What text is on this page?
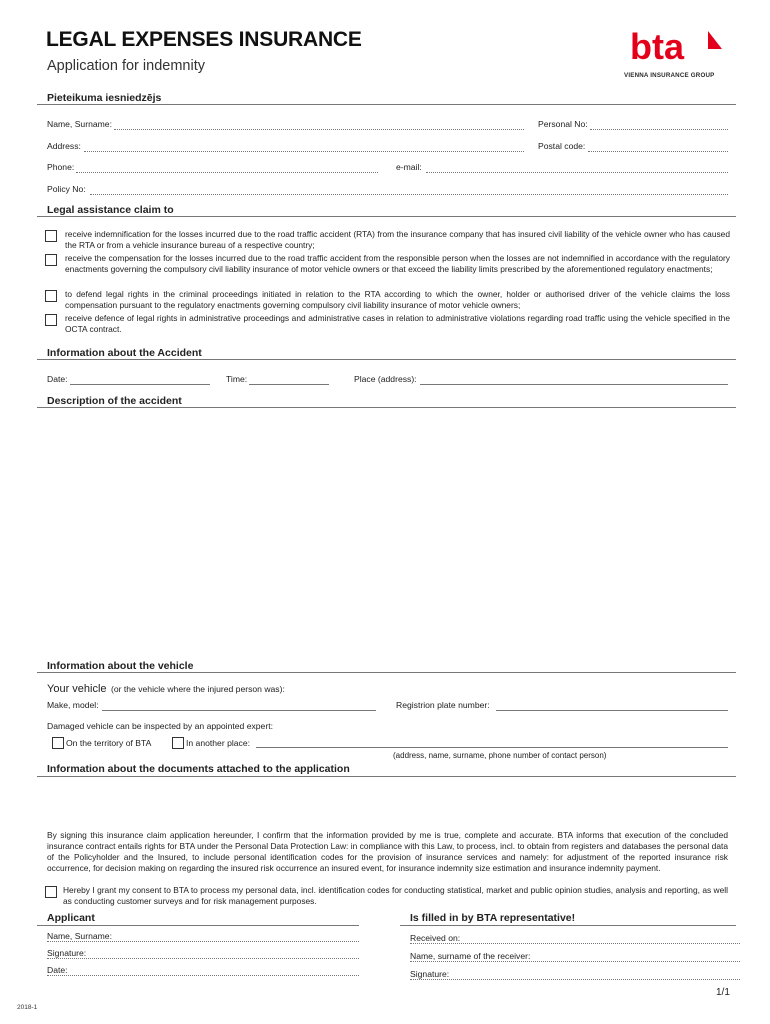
LEGAL EXPENSES INSURANCE
Application for indemnity	bta
VIENNA INSURANCE GROUP
Pieteikuma iesniedzējs
Name, Surname:	Personal No:
Address:	Postal code:
Phone:	e-mail:
Policy No:
Legal assistance claim to
receive indemnification for the losses incurred due to the road traffic accident (RTA) from the insurance company that has insured civil liability of the vehicle owner who has caused the RTA or from a vehicle insurance bureau of a respective country;
receive the compensation for the losses incurred due to the road traffic accident from the responsible person when the losses are not indemnified in accordance with the regulatory enactments governing the compulsory civil liability insurance of motor vehicle owners or that exceed the liability limits prescribed by the aforementioned regulatory enactments;
to defend legal rights in the criminal proceedings initiated in relation to the RTA according to which the owner, holder or authorised driver of the vehicle claims the loss compensation pursuant to the regulatory enactments governing compulsory civil liability insurance of motor vehicle owners;
receive defence of legal rights in administrative proceedings and administrative cases in relation to administrative violations regarding road traffic using the vehicle specified in the OCTA contract.
Information about the Accident
Date:	Time:	Place (address):
Description of the accident
Information about the vehicle
Your vehicle (or the vehicle where the injured person was):
Make, model:	Registrion plate number:
Damaged vehicle can be inspected by an appointed expert:
On the territory of BTA	In another place:
(address, name, surname, phone number of contact person)
Information about the documents attached to the application
By signing this insurance claim application hereunder, I confirm that the information provided by me is true, complete and accurate. BTA informs that execution of the concluded insurance contract entails rights for BTA under the Personal Data Protection Law: in compliance with this Law, to process, incl. to obtain from registers and databases the personal data of the Policyholder and the Insured, to include personal identification codes for the provision of insurance services and namely: for adjustment of the reported insurance risk occurrence, for decision making on regarding the insured risk occurrence an insured event, for insurance indemnity size estimation and insurance indemnity payment.
Hereby I grant my consent to BTA to process my personal data, incl. identification codes for conducting statistical, market and public opinion studies, analysis and reporting, as well as conducting customer surveys and for risk management purposes.
Applicant
Name, Surname:
Signature:
Date:
Is filled in by BTA representative!
Received on:
Name, surname of the receiver:
Signature:
1/1
2018-1
